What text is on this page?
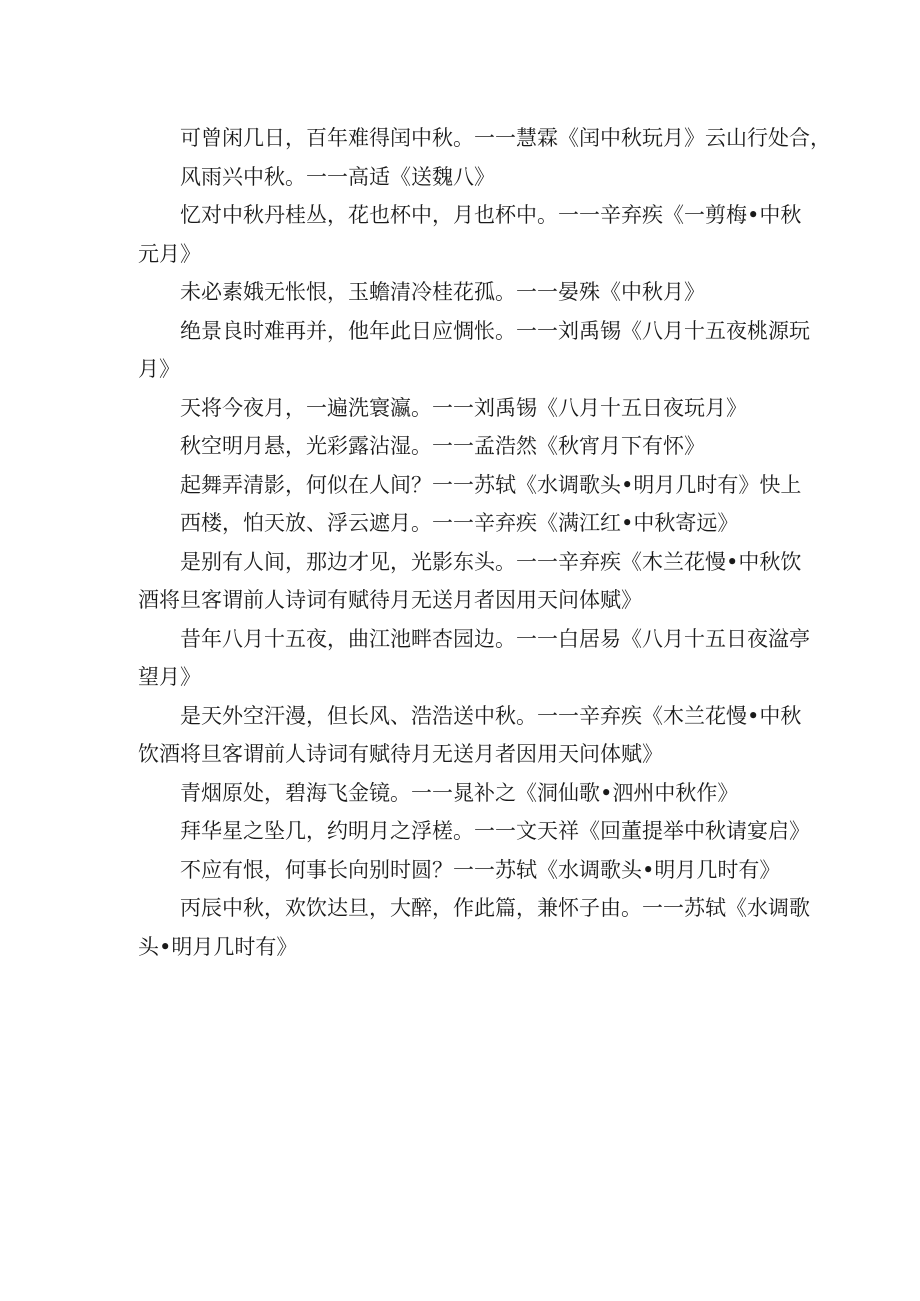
可曾闲几日，百年难得闰中秋。一一慧霖《闰中秋玩月》云山行处合，
风雨兴中秋。一一高适《送魏八》
忆对中秋丹桂丛，花也杯中，月也杯中。一一辛弃疾《一剪梅•中秋
元月》
未必素娥无怅恨，玉蟾清冷桂花孤。一一晏殊《中秋月》
绝景良时难再并，他年此日应惆怅。一一刘禹锡《八月十五夜桃源玩
月》
天将今夜月，一遍洗寰瀛。一一刘禹锡《八月十五日夜玩月》
秋空明月悬，光彩露沾湿。一一孟浩然《秋宵月下有怀》
起舞弄清影，何似在人间？一一苏轼《水调歌头•明月几时有》快上
西楼，怕天放、浮云遮月。一一辛弃疾《满江红•中秋寄远》
是别有人间，那边才见，光影东头。一一辛弃疾《木兰花慢•中秋饮
酒将旦客谓前人诗词有赋待月无送月者因用天问体赋》
昔年八月十五夜，曲江池畔杏园边。一一白居易《八月十五日夜湓亭
望月》
是天外空汗漫，但长风、浩浩送中秋。一一辛弃疾《木兰花慢•中秋
饮酒将旦客谓前人诗词有赋待月无送月者因用天问体赋》
青烟原处，碧海飞金镜。一一晁补之《洞仙歌•泗州中秋作》
拜华星之坠几，约明月之浮槎。一一文天祥《回董提举中秋请宴启》
不应有恨，何事长向别时圆？一一苏轼《水调歌头•明月几时有》
丙辰中秋，欢饮达旦，大醉，作此篇，兼怀子由。一一苏轼《水调歌
头•明月几时有》
